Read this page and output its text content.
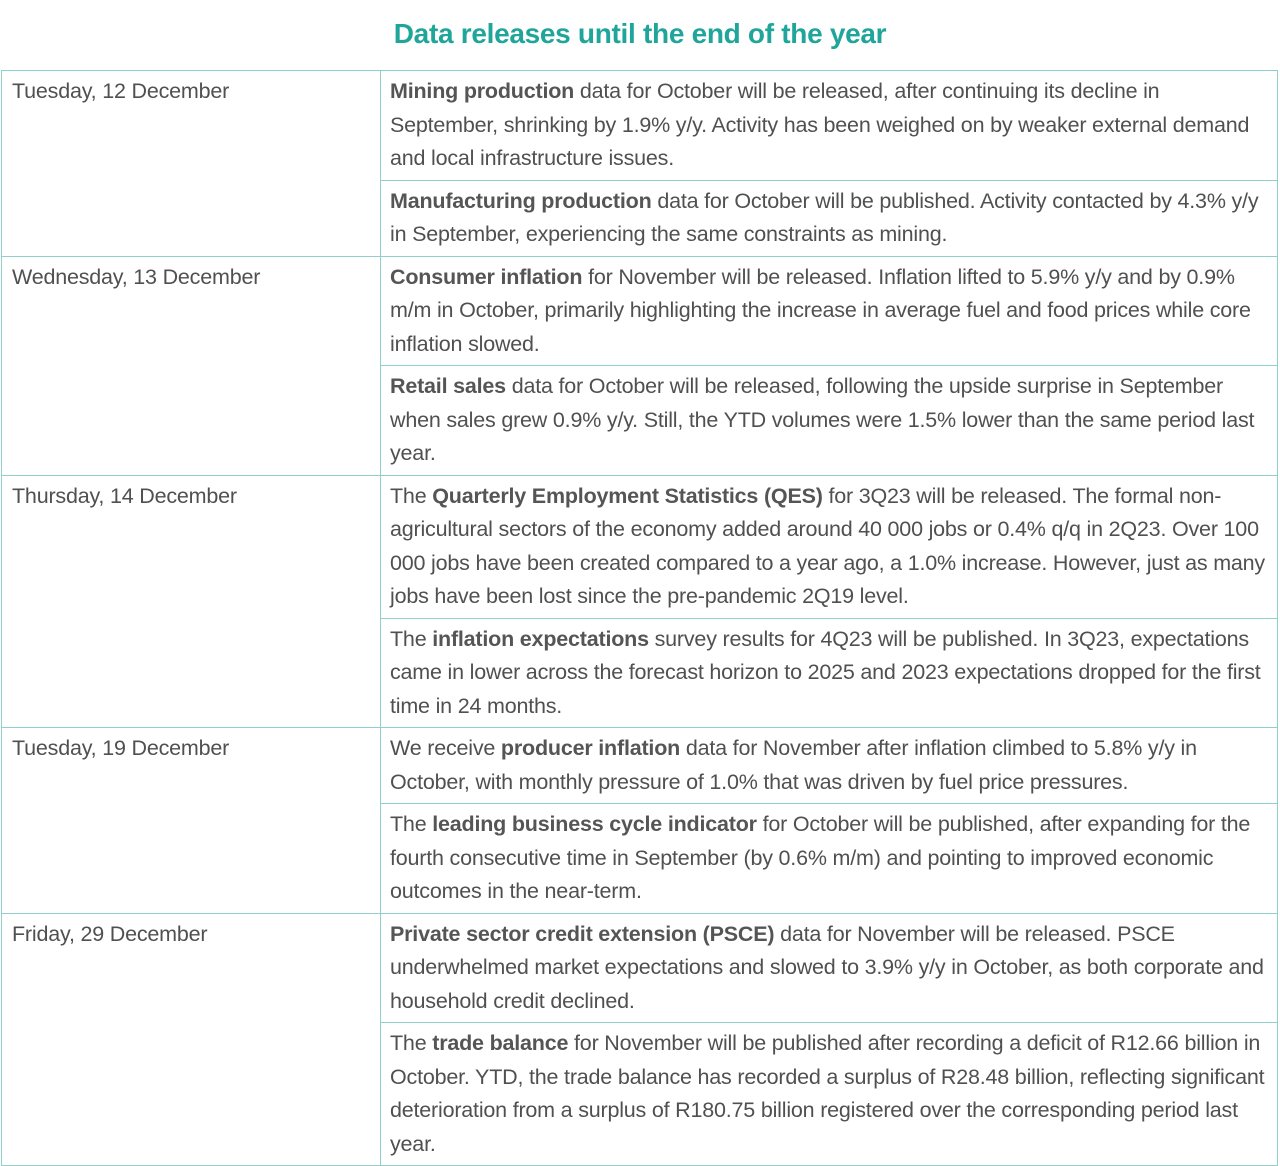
Data releases until the end of the year
Tuesday, 12 December	Mining production data for October will be released, after continuing its decline in September, shrinking by 1.9% y/y. Activity has been weighed on by weaker external demand and local infrastructure issues.
	Manufacturing production data for October will be published. Activity contacted by 4.3% y/y in September, experiencing the same constraints as mining.
Wednesday, 13 December	Consumer inflation for November will be released. Inflation lifted to 5.9% y/y and by 0.9% m/m in October, primarily highlighting the increase in average fuel and food prices while core inflation slowed.
	Retail sales data for October will be released, following the upside surprise in September when sales grew 0.9% y/y. Still, the YTD volumes were 1.5% lower than the same period last year.
Thursday, 14 December	The Quarterly Employment Statistics (QES) for 3Q23 will be released. The formal non-agricultural sectors of the economy added around 40 000 jobs or 0.4% q/q in 2Q23. Over 100 000 jobs have been created compared to a year ago, a 1.0% increase. However, just as many jobs have been lost since the pre-pandemic 2Q19 level.
	The inflation expectations survey results for 4Q23 will be published. In 3Q23, expectations came in lower across the forecast horizon to 2025 and 2023 expectations dropped for the first time in 24 months.
Tuesday, 19 December	We receive producer inflation data for November after inflation climbed to 5.8% y/y in October, with monthly pressure of 1.0% that was driven by fuel price pressures.
	The leading business cycle indicator for October will be published, after expanding for the fourth consecutive time in September (by 0.6% m/m) and pointing to improved economic outcomes in the near-term.
Friday, 29 December	Private sector credit extension (PSCE) data for November will be released. PSCE underwhelmed market expectations and slowed to 3.9% y/y in October, as both corporate and household credit declined.
	The trade balance for November will be published after recording a deficit of R12.66 billion in October. YTD, the trade balance has recorded a surplus of R28.48 billion, reflecting significant deterioration from a surplus of R180.75 billion registered over the corresponding period last year.
